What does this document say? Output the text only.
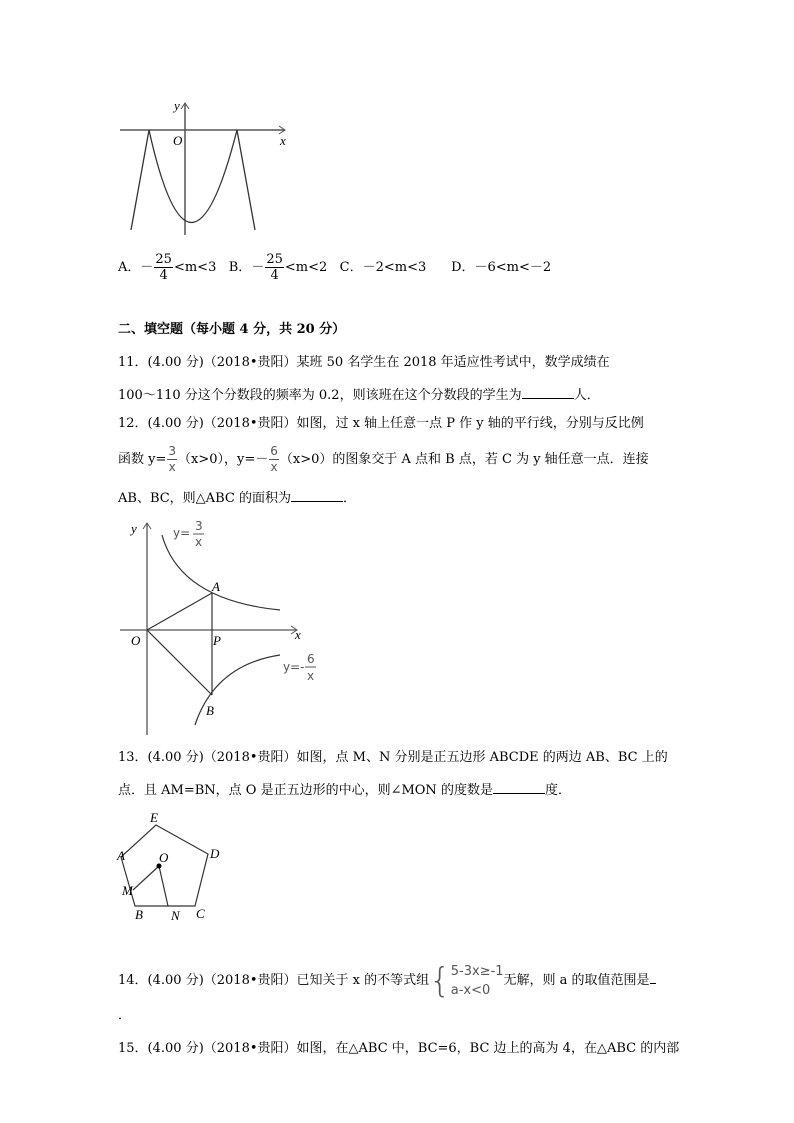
y
x
O
A．－ $\frac{25}{4} <m<3$ B．－ $\frac{25}{4} <m<2$ C．－2<m<3 D．－6<m<－2
二、填空题（每小题 4 分，共 20 分）
11．(4.00 分)（2018•贵阳）某班 50 名学生在 2018 年适应性考试中，数学成绩在
100～110 分这个分数段的频率为 0.2，则该班在这个分数段的学生为	人．
12．(4.00 分)（2018•贵阳）如图，过 x 轴上任意一点 P 作 y 轴的平行线，分别与反比例
函数 $y= \frac{3}{x} (x>0)$，$y=- \frac{6}{x} (x>0)$的图象交于 A 点和 B 点，若 C 为 y 轴任意一点．连接
AB、BC，则△ABC 的面积为	．
y
x
O
A
B
P
y= 3
x
y=-
6
x
13．(4.00 分)（2018•贵阳）如图，点 M、N 分别是正五边形 ABCDE 的两边 AB、BC 上的
点．且 AM=BN，点 O 是正五边形的中心，则∠MON 的度数是	度．
E
D
A	O
M
B N C
14．(4.00 分)（2018•贵阳）已知关于 x 的不等式组 { 5-3x≥-1
a-x<0
无解，则 a 的取值范围是
．
15．(4.00 分)（2018•贵阳）如图，在△ABC 中，BC=6，BC 边上的高为 4，在△ABC 的内部
